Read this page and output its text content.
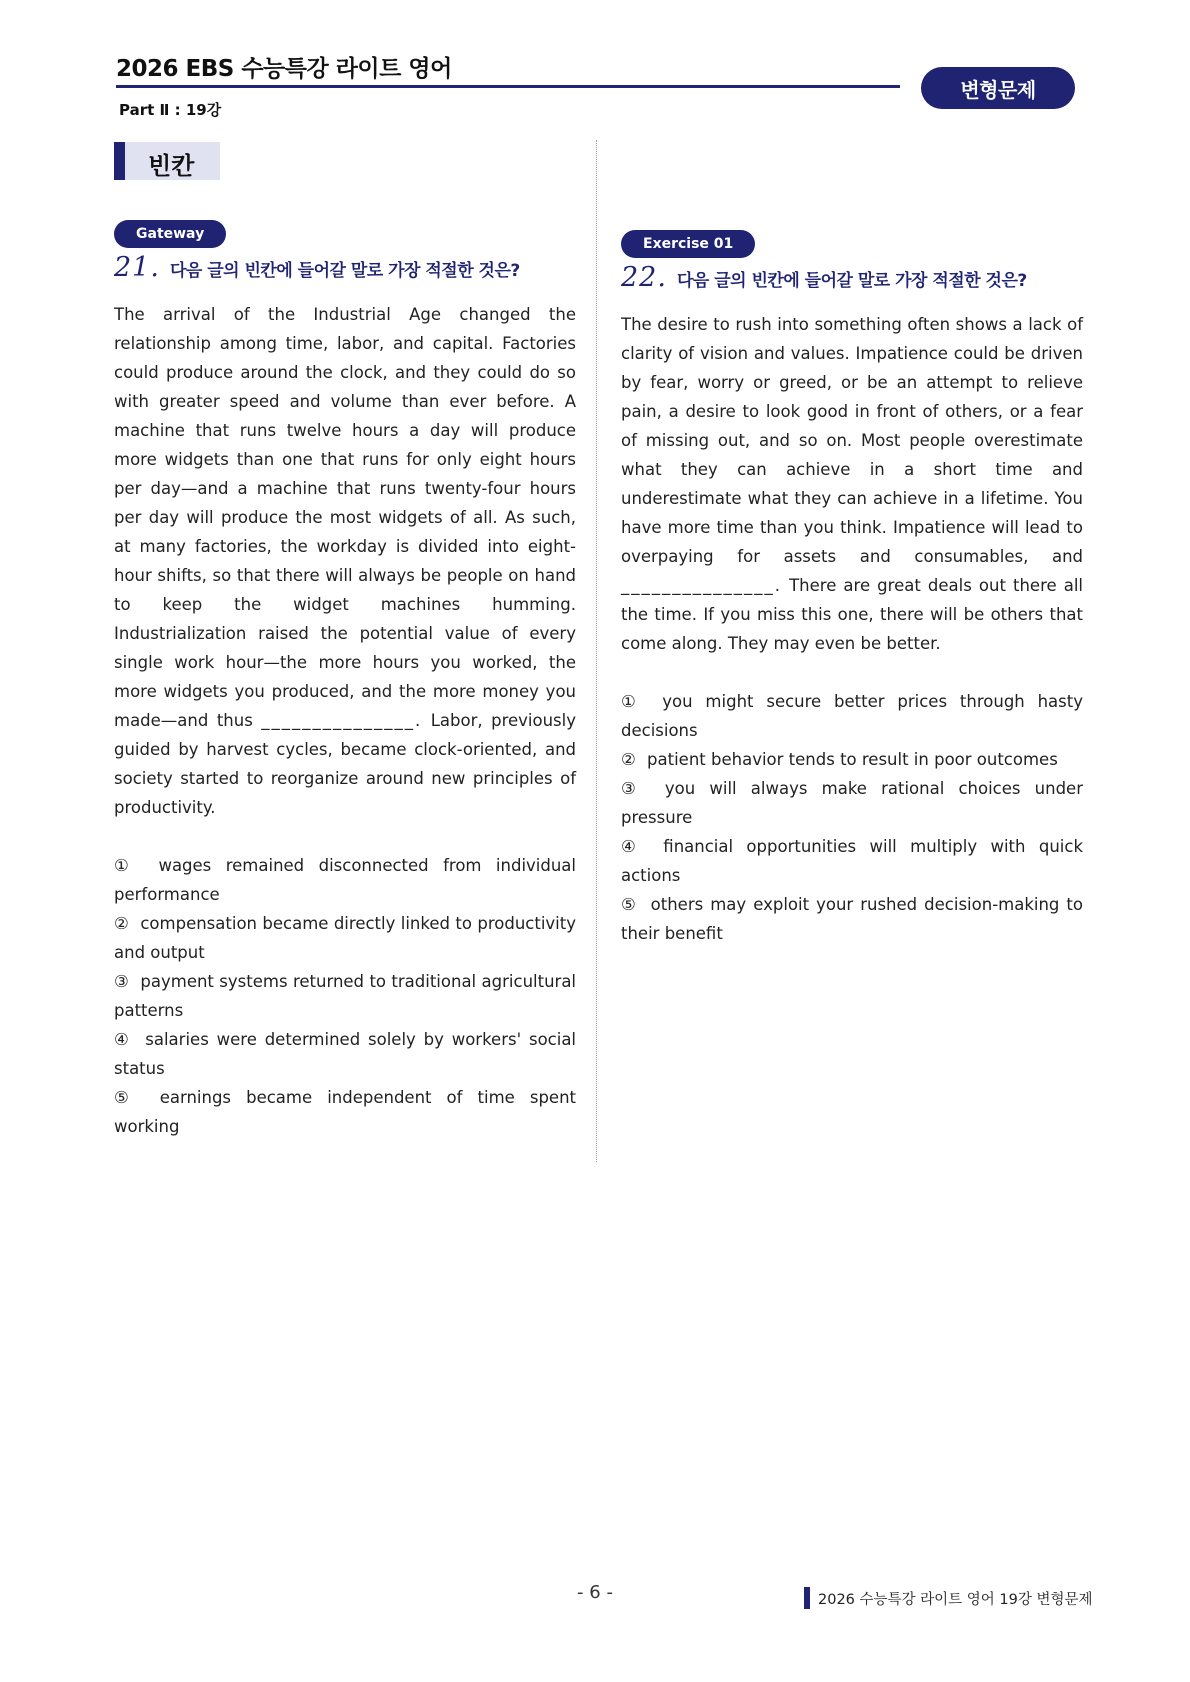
2026 EBS 수능특강 라이트 영어
Part Ⅱ : 19강
변형문제
빈칸
Gateway
21. 다음 글의 빈칸에 들어갈 말로 가장 적절한 것은?

The arrival of the Industrial Age changed the relationship among time, labor, and capital. Factories could produce around the clock, and they could do so with greater speed and volume than ever before. A machine that runs twelve hours a day will produce more widgets than one that runs for only eight hours per day—and a machine that runs twenty-four hours per day will produce the most widgets of all. As such, at many factories, the workday is divided into eight-hour shifts, so that there will always be people on hand to keep the widget machines humming. Industrialization raised the potential value of every single work hour—the more hours you worked, the more widgets you produced, and the more money you made—and thus _______________. Labor, previously guided by harvest cycles, became clock-oriented, and society started to reorganize around new principles of productivity.

① wages remained disconnected from individual performance
② compensation became directly linked to productivity and output
③ payment systems returned to traditional agricultural patterns
④ salaries were determined solely by workers' social status
⑤ earnings became independent of time spent working
Exercise 01
22. 다음 글의 빈칸에 들어갈 말로 가장 적절한 것은?

The desire to rush into something often shows a lack of clarity of vision and values. Impatience could be driven by fear, worry or greed, or be an attempt to relieve pain, a desire to look good in front of others, or a fear of missing out, and so on. Most people overestimate what they can achieve in a short time and underestimate what they can achieve in a lifetime. You have more time than you think. Impatience will lead to overpaying for assets and consumables, and _______________. There are great deals out there all the time. If you miss this one, there will be others that come along. They may even be better.

① you might secure better prices through hasty decisions
② patient behavior tends to result in poor outcomes
③ you will always make rational choices under pressure
④ financial opportunities will multiply with quick actions
⑤ others may exploit your rushed decision-making to their benefit
- 6 -	2026 수능특강 라이트 영어 19강 변형문제
